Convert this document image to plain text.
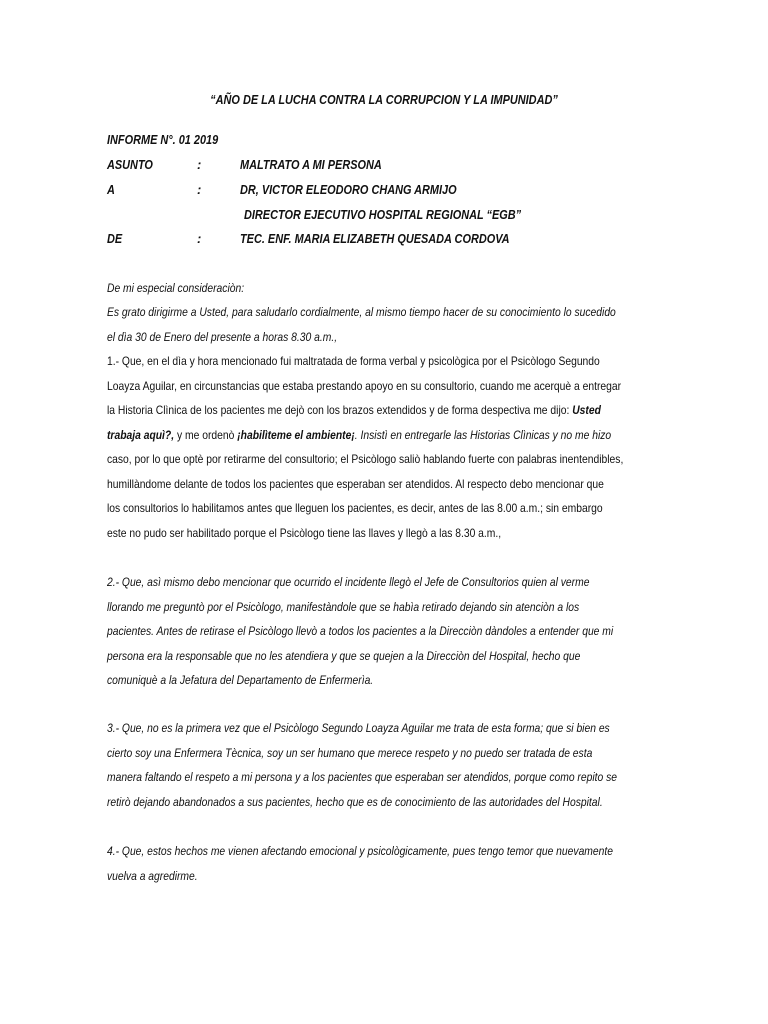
“AÑO DE LA LUCHA CONTRA LA CORRUPCION Y LA IMPUNIDAD”
INFORME N°. 01 2019
ASUNTO	:	MALTRATO A MI PERSONA
A	:	DR, VICTOR ELEODORO CHANG ARMIJO
DIRECTOR EJECUTIVO HOSPITAL REGIONAL “EGB”
DE	:	TEC. ENF. MARIA ELIZABETH QUESADA CORDOVA
De mi especial consideraciòn:
Es grato dirigirme a Usted, para saludarlo cordialmente, al mismo tiempo hacer de su conocimiento lo sucedido
el dìa 30 de Enero del presente a horas 8.30 a.m.,
1.- Que, en el dìa y hora mencionado fui maltratada de forma verbal y psicològica por el Psicòlogo Segundo
Loayza Aguilar, en circunstancias que estaba prestando apoyo en su consultorio, cuando me acerquè a entregar
la Historia Clìnica de los pacientes me dejò con los brazos extendidos y de forma despectiva me dijo: Usted
trabaja aquì?, y me ordenò ¡habilìteme el ambiente¡. Insistì en entregarle las Historias Clìnicas y no me hizo
caso, por lo que optè por retirarme del consultorio; el Psicòlogo saliò hablando fuerte con palabras inentendibles,
humillàndome delante de todos los pacientes que esperaban ser atendidos. Al respecto debo mencionar que
los consultorios lo habilitamos antes que lleguen los pacientes, es decir, antes de las 8.00 a.m.; sin embargo
este no pudo ser habilitado porque el Psicòlogo tiene las llaves y llegò a las 8.30 a.m.,
2.- Que, asì mismo debo mencionar que ocurrido el incidente llegò el Jefe de Consultorios quien al verme
llorando me preguntò por el Psicòlogo, manifestàndole que se habìa retirado dejando sin atenciòn a los
pacientes. Antes de retirase el Psicòlogo llevò a todos los pacientes a la Direcciòn dàndoles a entender que mi
persona era la responsable que no les atendiera y que se quejen a la Direcciòn del Hospital, hecho que
comuniquè a la Jefatura del Departamento de Enfermerìa.
3.- Que, no es la primera vez que el Psicòlogo Segundo Loayza Aguilar me trata de esta forma; que si bien es
cierto soy una Enfermera Tècnica, soy un ser humano que merece respeto y no puedo ser tratada de esta
manera faltando el respeto a mi persona y a los pacientes que esperaban ser atendidos, porque como repito se
retirò dejando abandonados a sus pacientes, hecho que es de conocimiento de las autoridades del Hospital.
4.- Que, estos hechos me vienen afectando emocional y psicològicamente, pues tengo temor que nuevamente
vuelva a agredirme.
